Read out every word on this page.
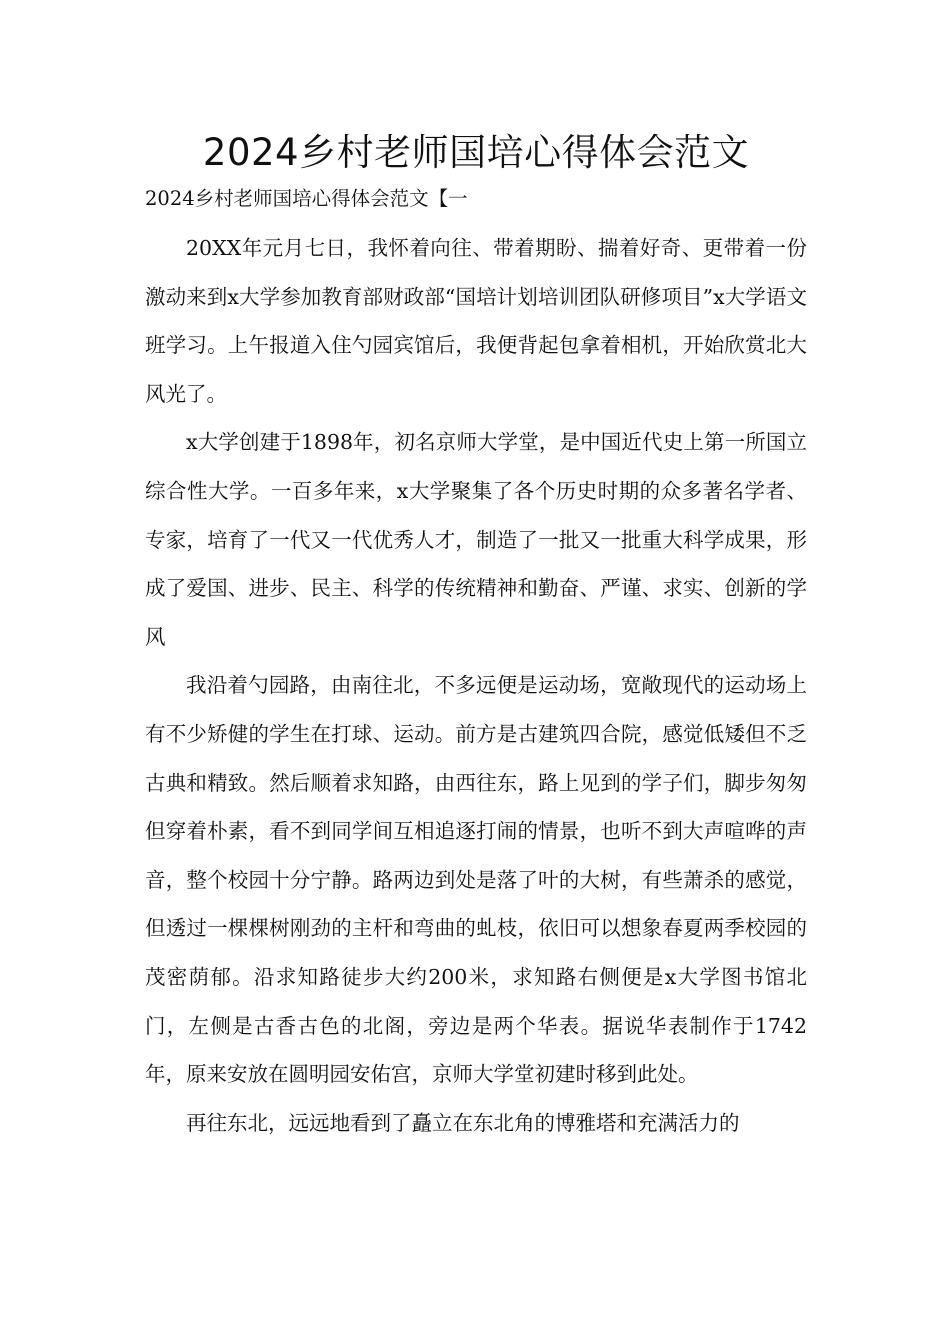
2024乡村老师国培心得体会范文

2024乡村老师国培心得体会范文【一

20XX年元月七日，我怀着向往、带着期盼、揣着好奇、更带着一份激动来到x大学参加教育部财政部“国培计划培训团队研修项目”x大学语文班学习。上午报道入住勺园宾馆后，我便背起包拿着相机，开始欣赏北大风光了。

x大学创建于1898年，初名京师大学堂，是中国近代史上第一所国立综合性大学。一百多年来，x大学聚集了各个历史时期的众多著名学者、专家，培育了一代又一代优秀人才，制造了一批又一批重大科学成果，形成了爱国、进步、民主、科学的传统精神和勤奋、严谨、求实、创新的学风

我沿着勺园路，由南往北，不多远便是运动场，宽敞现代的运动场上有不少矫健的学生在打球、运动。前方是古建筑四合院，感觉低矮但不乏古典和精致。然后顺着求知路，由西往东，路上见到的学子们，脚步匆匆但穿着朴素，看不到同学间互相追逐打闹的情景，也听不到大声喧哗的声音，整个校园十分宁静。路两边到处是落了叶的大树，有些萧杀的感觉，但透过一棵棵树刚劲的主杆和弯曲的虬枝，依旧可以想象春夏两季校园的茂密荫郁。沿求知路徒步大约200米，求知路右侧便是x大学图书馆北门，左侧是古香古色的北阁，旁边是两个华表。据说华表制作于1742年，原来安放在圆明园安佑宫，京师大学堂初建时移到此处。

再往东北，远远地看到了矗立在东北角的博雅塔和充满活力的
